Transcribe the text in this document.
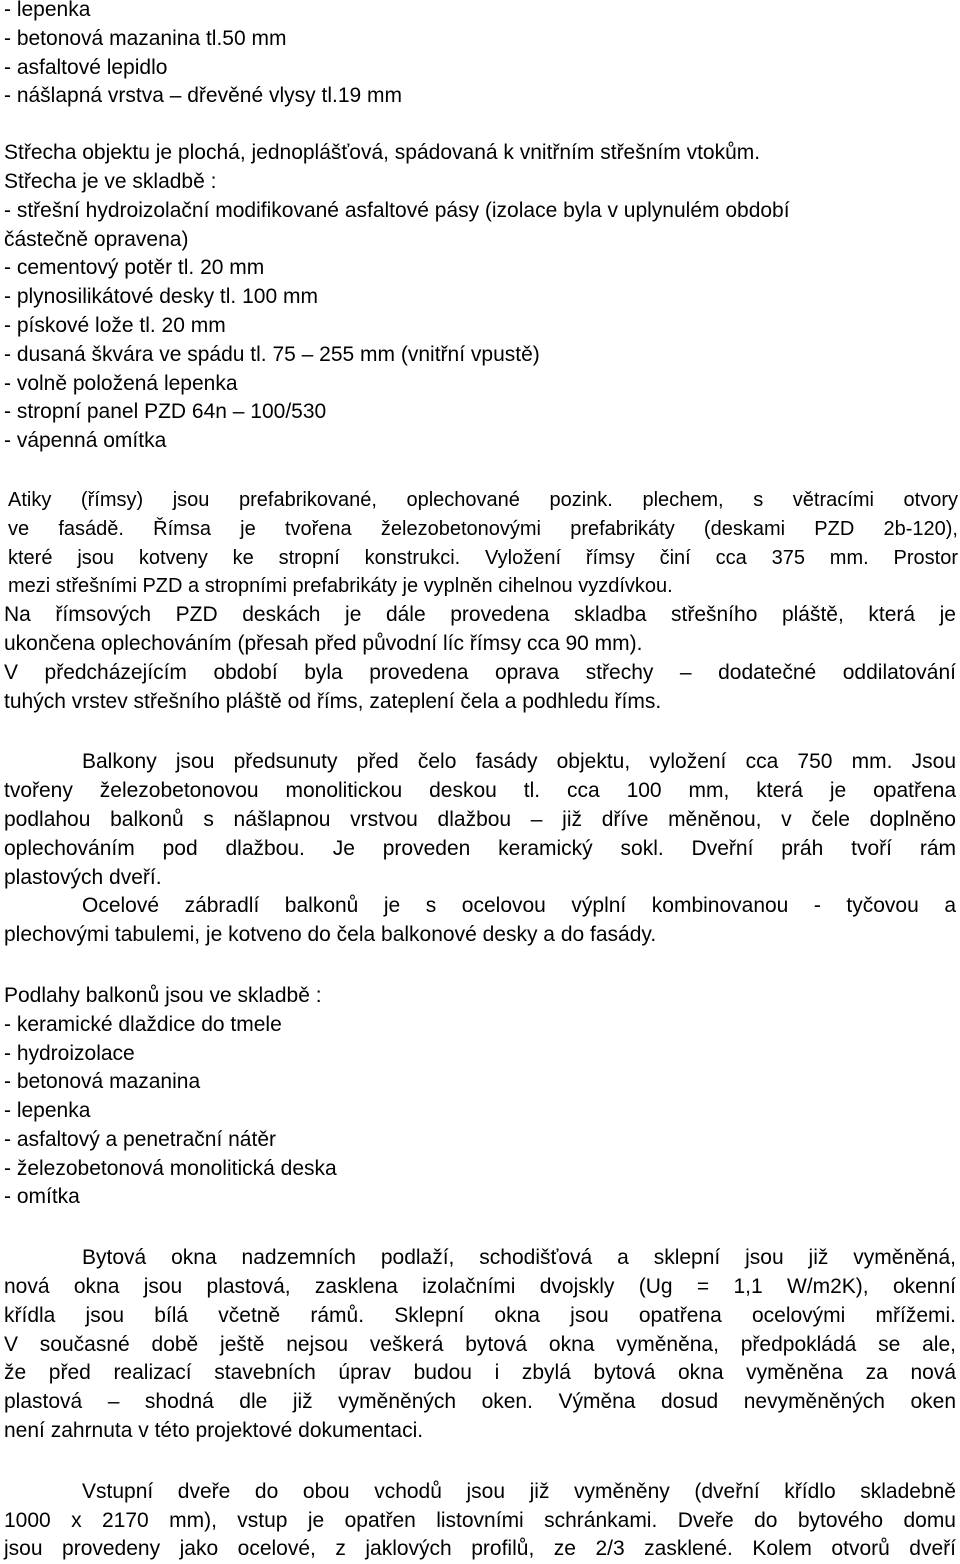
- lepenka
- betonová mazanina tl.50 mm
- asfaltové lepidlo
- nášlapná vrstva – dřevěné vlysy tl.19 mm
Střecha objektu je plochá, jednoplášťová, spádovaná k vnitřním střešním vtokům.
Střecha je ve skladbě :
- střešní hydroizolační modifikované asfaltové pásy (izolace byla v uplynulém období
částečně opravena)
- cementový potěr tl. 20 mm
- plynosilikátové desky tl. 100 mm
- pískové lože tl. 20 mm
- dusaná škvára ve spádu tl. 75 – 255 mm (vnitřní vpustě)
- volně položená lepenka
- stropní panel PZD 64n – 100/530
- vápenná omítka
Atiky (římsy) jsou prefabrikované, oplechované pozink. plechem, s větracími otvory
ve fasádě. Římsa je tvořena železobetonovými prefabrikáty (deskami PZD 2b-120),
které jsou kotveny ke stropní konstrukci. Vyložení římsy činí cca 375 mm. Prostor
mezi střešními PZD a stropními prefabrikáty je vyplněn cihelnou vyzdívkou.
Na římsových PZD deskách je dále provedena skladba střešního pláště, která je
ukončena oplechováním (přesah před původní líc římsy cca 90 mm).
V předcházejícím období byla provedena oprava střechy – dodatečné oddilatování
tuhých vrstev střešního pláště od říms, zateplení čela a podhledu říms.
Balkony jsou předsunuty před čelo fasády objektu, vyložení cca 750 mm. Jsou
tvořeny železobetonovou monolitickou deskou tl. cca 100 mm, která je opatřena
podlahou balkonů s nášlapnou vrstvou dlažbou – již dříve měněnou, v čele doplněno
oplechováním pod dlažbou. Je proveden keramický sokl. Dveřní práh tvoří rám
plastových dveří.
Ocelové zábradlí balkonů je s ocelovou výplní kombinovanou - tyčovou a
plechovými tabulemi, je kotveno do čela balkonové desky a do fasády.
Podlahy balkonů jsou ve skladbě :
- keramické dlaždice do tmele
- hydroizolace
- betonová mazanina
- lepenka
- asfaltový a penetrační nátěr
- železobetonová monolitická deska
- omítka
Bytová okna nadzemních podlaží, schodišťová a sklepní jsou již vyměněná,
nová okna jsou plastová, zasklena izolačními dvojskly (Ug = 1,1 W/m2K), okenní
křídla jsou bílá včetně rámů. Sklepní okna jsou opatřena ocelovými mřížemi.
V současné době ještě nejsou veškerá bytová okna vyměněna, předpokládá se ale,
že před realizací stavebních úprav budou i zbylá bytová okna vyměněna za nová
plastová – shodná dle již vyměněných oken. Výměna dosud nevyměněných oken
není zahrnuta v této projektové dokumentaci.
Vstupní dveře do obou vchodů jsou již vyměněny (dveřní křídlo skladebně
1000 x 2170 mm), vstup je opatřen listovními schránkami. Dveře do bytového domu
jsou provedeny jako ocelové, z jaklových profilů, ze 2/3 zasklené. Kolem otvorů dveří
